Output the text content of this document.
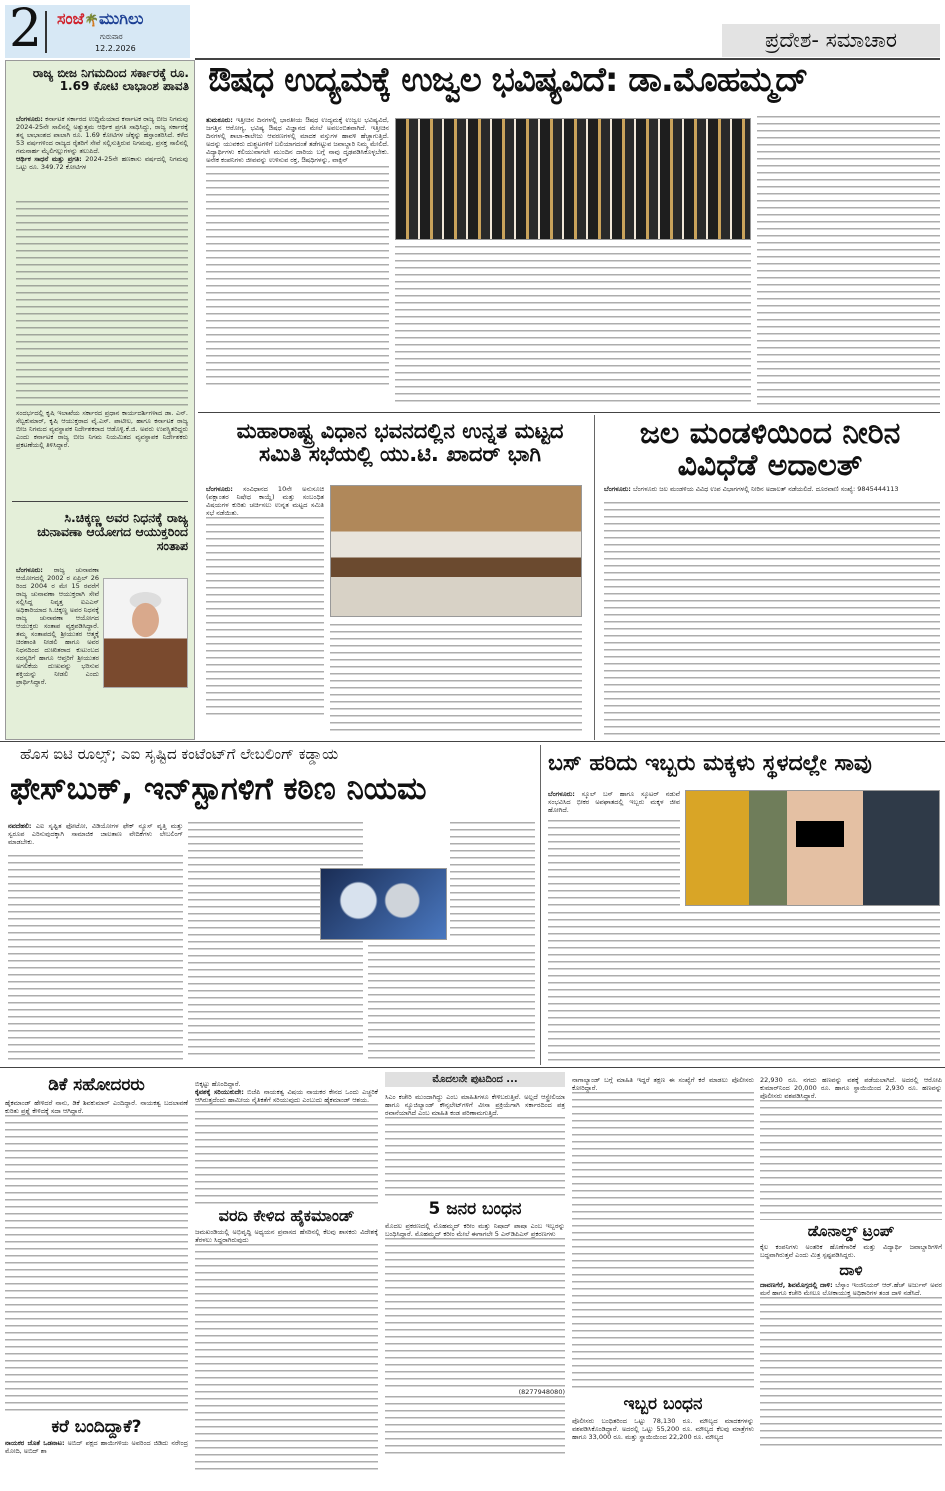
2 ಸಂಜೆ🌴ಮುಗಿಲು
ಗುರುವಾರ
12.2.2026	ಪ್ರದೇಶ- ಸಮಾಚಾರ
ರಾಜ್ಯ ಬೀಜ ನಿಗಮದಿಂದ ಸರ್ಕಾರಕ್ಕೆ ರೂ. 1.69 ಕೋಟಿ ಲಾಭಾಂಶ ಪಾವತಿ
ಬೆಂಗಳೂರು: ಕರ್ನಾಟಕ ಸರ್ಕಾರದ ಉದ್ದಿಮೆಯಾದ ಕರ್ನಾಟಕ ರಾಜ್ಯ ಬೀಜ ನಿಗಮವು 2024-25ನೇ ಸಾಲಿನಲ್ಲಿ ಅತ್ಯುತ್ತಮ ಆರ್ಥಿಕ ಪ್ರಗತಿ ಸಾಧಿಸಿದ್ದು, ರಾಜ್ಯ ಸರ್ಕಾರಕ್ಕೆ ತನ್ನ ಲಾಭಾಂಶದ ಪಾಲಾಗಿ ರೂ. 1.69 ಕೋಟಿಗಳ ಚೆಕ್ಕನ್ನು ಹಸ್ತಾಂತರಿಸಿದೆ. ಕಳೆದ 53 ವರ್ಷಗಳಿಂದ ರಾಜ್ಯದ ರೈತರಿಗೆ ಸೇವೆ ಸಲ್ಲಿಸುತ್ತಿರುವ ನಿಗಮವು, ಪ್ರಸಕ್ತ ಸಾಲಿನಲ್ಲಿ ಗಮನಾರ್ಹ ಮೈಲಿಗಲ್ಲುಗಳನ್ನು ತಲುಪಿದೆ.
ಆರ್ಥಿಕ ಸಾಧನೆ ಮತ್ತು ಪ್ರಗತಿ: 2024-25ನೇ ಹಣಕಾಸು ವರ್ಷದಲ್ಲಿ ನಿಗಮವು ಒಟ್ಟು ರೂ. 349.72 ಕೋಟಿಗಳ
ಸಂದರ್ಭದಲ್ಲಿ ಕೃಷಿ ಇಲಾಖೆಯ ಸರ್ಕಾರದ ಪ್ರಧಾನ ಕಾರ್ಯದರ್ಶಿಗಳಾದ ಡಾ. ಎನ್. ಸೆಲ್ವಕುಮಾರ್, ಕೃಷಿ ಆಯುಕ್ತರಾದ ವೈ.ಎಸ್. ಪಾಟೀಲ, ಹಾಗೂ ಕರ್ನಾಟಕ ರಾಜ್ಯ ಬೀಜ ನಿಗಮದ ವ್ಯವಸ್ಥಾಪಕ ನಿರ್ದೇಶಕರಾದ ಆಡೊಳ್ಳಿ.ಕೆ.ಜಿ. ಅವರು ಉಪಸ್ಥಿತರಿದ್ದರು ಎಂದು ಕರ್ನಾಟಕ ರಾಜ್ಯ ಬೀಜ ನಿಗಮ ನಿಯಮಿತದ ವ್ಯವಸ್ಥಾಪಕ ನಿರ್ದೇಶಕರು ಪ್ರಕಟಣೆಯಲ್ಲಿ ತಿಳಿಸಿದ್ದಾರೆ.
ಸಿ.ಚಿಕ್ಕಣ್ಣ ಅವರ ನಿಧನಕ್ಕೆ ರಾಜ್ಯ ಚುನಾವಣಾ ಆಯೋಗದ ಆಯುಕ್ತರಿಂದ ಸಂತಾಪ
ಬೆಂಗಳೂರು: ರಾಜ್ಯ ಚುನಾವಣಾ ಆಯೋಗದಲ್ಲಿ 2002 ರ ಏಪ್ರಿಲ್ 26 ರಿಂದ 2004 ರ ಮೇ 15 ರವರೆಗೆ ರಾಜ್ಯ ಚುನಾವಣಾ ಆಯುಕ್ತರಾಗಿ ಸೇವೆ ಸಲ್ಲಿಸಿದ್ದ ನಿವೃತ್ತ ಐಎಎಸ್ ಅಧಿಕಾರಿಯಾದ ಸಿ.ಚಿಕ್ಕಣ್ಣ ಅವರ ನಿಧನಕ್ಕೆ ರಾಜ್ಯ ಚುನಾವಣಾ ಆಯೋಗದ ಆಯುಕ್ತರು ಸಂತಾಪ ವ್ಯಕ್ತಪಡಿಸಿದ್ದಾರೆ. ತಮ್ಮ ಸಂತಾಪದಲ್ಲಿ ಶ್ರೀಯುತರ ಆತ್ಮಕ್ಕೆ ಚಿರಶಾಂತಿ ನೀಡಲಿ ಹಾಗೂ ಅವರ ನಿಧನದಿಂದ ದುಃಖಿತರಾದ ಕುಟುಂಬದ ಸದಸ್ಯರಿಗೆ ಹಾಗೂ ಆಪ್ತರಿಗೆ ಶ್ರೀಯುತರ ಅಗಲಿಕೆಯ ದುಃಖವನ್ನು ಭರಿಸುವ ಶಕ್ತಿಯನ್ನು ನೀಡಲಿ ಎಂದು ಪ್ರಾರ್ಥಿಸಿದ್ದಾರೆ.
ಔಷಧ ಉದ್ಯಮಕ್ಕೆ ಉಜ್ವಲ ಭವಿಷ್ಯವಿದೆ: ಡಾ.ಮೊಹಮ್ಮದ್
ತುಮಕೂರು: ಇತ್ತೀಚಿನ ದಿನಗಳಲ್ಲಿ ಭಾರತೀಯ ಔಷಧ ಉದ್ಯಮಕ್ಕೆ ಉಜ್ವಲ ಭವಿಷ್ಯವಿದೆ, ಜಗತ್ತಿನ ಆರೋಗ್ಯ, ಭವಿಷ್ಯ ಔಷಧ ವಿಜ್ಞಾನದ ಮೇಲೆ ಅವಲಂಬಿತವಾಗಿದೆ. ಇತ್ತೀಚಿನ ದಿನಗಳಲ್ಲಿ ಶಾಲಾ-ಕಾಲೇಜು ಆವರಣಗಳಲ್ಲಿ ಮಾದಕ ವಸ್ತುಗಳ ಹಾವಳಿ ಹೆಚ್ಚಾಗುತ್ತಿದೆ. ಅದನ್ನು ಯುವಕರು ದುಶ್ಚಟಗಳಿಗೆ ಬಲಿಯಾಗದಂತೆ ತಡೆಗಟ್ಟುವ ಜವಾಬ್ದಾರಿ ನಿಮ್ಮ ಮೇಲಿದೆ. ವಿದ್ಯಾರ್ಥಿಗಳು ಕಲಿಯುವಾಗಲೇ ಮುಂದಿನ ದಾರಿಯ ಬಗ್ಗೆ ನಾವು ದೃಢಪಡಿಸಿಕೊಳ್ಳಬೇಕು. ಅನೇಕ ಕಂಪನಿಗಳು ಜೀವವನ್ನು ಉಳಿಸುವ ರಕ್ತ, ಔಷಧಿಗಳನ್ನು, ವಾಕ್ಸಿನ್
ಮಹಾರಾಷ್ಟ್ರ ವಿಧಾನ ಭವನದಲ್ಲಿನ ಉನ್ನತ ಮಟ್ಟದ
ಸಮಿತಿ ಸಭೆಯಲ್ಲಿ ಯು.ಟಿ. ಖಾದರ್ ಭಾಗಿ
ಬೆಂಗಳೂರು: ಸಂವಿಧಾನದ 10ನೇ ಅನುಸೂಚಿ (ಪಕ್ಷಾಂತರ ನಿಷೇಧ ಕಾಯ್ದೆ) ಮತ್ತು ಸಂಬಂಧಿತ ವಿಷಯಗಳ ಕುರಿತು ಚರ್ಚಿಸಲು ಉನ್ನತ ಮಟ್ಟದ ಸಮಿತಿ ಸಭೆ ನಡೆಯಿತು.
ಜಲ ಮಂಡಳಿಯಿಂದ ನೀರಿನ
ವಿವಿಧೆಡೆ ಅದಾಲತ್
ಬೆಂಗಳೂರು: ಬೆಂಗಳೂರು ಜಲ ಮಂಡಳಿಯ ವಿವಿಧ ಉಪ ವಿಭಾಗಗಳಲ್ಲಿ ನೀರಿನ ಅದಾಲತ್ ನಡೆಯಲಿದೆ. ದೂರವಾಣಿ ಸಂಖ್ಯೆ: 9845444113
ಹೊಸ ಐಟಿ ರೂಲ್ಸ್; ಎಐ ಸೃಷ್ಟಿದ ಕಂಟೆಂಟ್‌ಗೆ ಲೇಬಲಿಂಗ್ ಕಡ್ಡಾಯ
ಫೇಸ್‌ಬುಕ್, ಇನ್‌ಸ್ಟಾಗಳಿಗೆ ಕಠಿಣ ನಿಯಮ
ನವದೆಹಲಿ: ಎಐ ಸೃಷ್ಟಿತ ಫೋಟೋ, ವಿಡಿಯೋಗಳ ಫೇಕ್ ನ್ಯೂಸ್ ವೃತ್ತಿ ಮತ್ತು ಸ್ವರೂಪ ಎರಿಸುವುದಕ್ಕಾಗಿ ಸಾಮಾಜಿಕ ಜಾಲತಾಣ ವೇದಿಕೆಗಳು ಲೇಬಲಿಂಗ್ ಮಾಡಬೇಕು.
ಬಸ್ ಹರಿದು ಇಬ್ಬರು ಮಕ್ಕಳು ಸ್ಥಳದಲ್ಲೇ ಸಾವು
ಬೆಂಗಳೂರು: ಸ್ಕೂಲ್ ಬಸ್ ಹಾಗೂ ಸ್ಕೂಟರ್ ನಡುವೆ ಸಂಭವಿಸಿದ ಭೀಕರ ಅಪಘಾತದಲ್ಲಿ ಇಬ್ಬರು ಮಕ್ಕಳ ಜೀವ ಹೋಗಿದೆ.
ಡಿಕೆ ಸಹೋದರರು
ಹೈಕಮಾಂಡ್ ಹೇಳಿದರೆ ನಾನು, ಡಿಕೆ ಶಿವಕುಮಾರ್ ಎಂದಿದ್ದಾರೆ. ನಾಯಕತ್ವ ಬದಲಾವಣೆ ಕುರಿತು ಪ್ರಶ್ನೆ ಕೇಳಿದಕ್ಕೆ ಸದಾ ಆಗಿದ್ದಾರೆ.
ಕರೆ ಬಂದಿದ್ದಾಕೆ?
ನಾಯಕರ ಜೊತೆ ಒಡನಾಟ: ಅಬಿದ್ ಪಕ್ಷದ ಹಾಯಿಗಳಿಯ ಅವರಿಂದ ಜಿಡಿದು ನರೇಂದ್ರ ಮೋದಿ, ಅಬಿದ್ ಶಾ
ಬಿಕ್ಕಟ್ಟು ಹೊಂದಿದ್ದಾರೆ.
ಕೈವಶಕ್ಕೆ ಸರಿಯುಕುದೇ: ಬಿಜೆಪಿ ನಾಯಕತ್ವ ವಿಷಯ ನಾಯಕರ ಕೇನದ ಒಂದು ಎಚ್ಚರಿಕೆ ಆಗಿರುತ್ತದೆಂದು ಹಾಮೀಯ ನೈತಿಕತೆಗೆ ಸರಿಯುವುದು ಎಂಬುದು ಹೈಕಮಾಂಡ್ ಆಶಯ.
ವರದಿ ಕೇಳಿದ ಹೈಕಮಾಂಡ್
ಜಮಖಂಡಿಯಲ್ಲಿ ಅಭಿವೃದ್ಧಿ ಅಧ್ಯಯನ ಪ್ರವಾಸದ ಹೆಸರಿನಲ್ಲಿ ಕೆಲವು ಶಾಸಕರು ವಿದೇಶಕ್ಕೆ ತೆರಳಲು ಸಿದ್ಧರಾಗಿರುವುದು
ಮೊದಲನೇ ಪುಟದಿಂದ ...
ಸಿಎಂ ಕಚೇರಿ ಮುಂದಾಗಿದ್ದು ಎಂಬ ಮಾಹಿತಿಗಳೂ ಕೇಳಿಬರುತ್ತಿವೆ. ಅಲ್ಲದೆ ಆಸ್ಟ್ರೇಲಿಯಾ ಹಾಗೂ ನ್ಯೂಜಿಲ್ಯಾಂಡ್ ಕೌನ್ಸಲೇಟ್‌ಗಳಿಗೆ ವೀಸಾ ಪ್ರಕ್ರಿಯೆಗಾಗಿ ಸರ್ಕಾರದಿಂದ ಪತ್ರ ರವಾನೆಯಾಗಿದೆ ಎಂಬ ಮಾಹಿತಿ ಕಂಡ ಪರಿಣಾಮಗುತ್ತಿದೆ.
5 ಜನರ ಬಂಧನ
ಮೊದಲ ಪ್ರಕರಣದಲ್ಲಿ ಮೊಹಮ್ಮದ್ ಕರೀಂ ಮತ್ತು ನಿಷಾದ್ ಪಾಷಾ ಎಂಬ ಇಬ್ಬರನ್ನು ಬಂಧಿಸಿದ್ದಾರೆ. ಮೊಹಮ್ಮದ್ ಕರೀಂ ಮೇಲೆ ಈಗಾಗಲೇ 5 ಎನ್‌ಡಿಪಿಎಸ್ ಪ್ರಕರಣಗಳು
(8277948080)
ನಾಗಾಲ್ಯಾಂಡ್ ಬಗ್ಗೆ ಮಾಹಿತಿ ಇದ್ದರೆ ತಕ್ಷಣ ಈ ಸಂಖ್ಯೆಗೆ ಕರೆ ಮಾಡಲು ಪೊಲೀಸರು ಕೋರಿದ್ದಾರೆ.
ಇಬ್ಬರ ಬಂಧನ
ಪೊಲೀಸರು ಬಂಧಿತರಿಂದ ಒಟ್ಟು 78,130 ರೂ. ಮೌಲ್ಯದ ಮಾದಕಗಳನ್ನು ವಶಪಡಿಸಿಕೊಂಡಿದ್ದಾರೆ. ಅದರಲ್ಲಿ ಒಟ್ಟು 55,200 ರೂ. ಮೌಲ್ಯದ ಕೆಲವು ಮಾತ್ರೆಗಳು ಹಾಗೂ 33,000 ರೂ. ಮತ್ತು ಸ್ಥಾಯಿಯಿಂದ 22,200 ರೂ. ಮೌಲ್ಯದ
22,930 ರೂ. ನಗದು ಹಣವನ್ನು ವಶಕ್ಕೆ ಪಡೆಯಲಾಗಿದೆ. ಅದರಲ್ಲಿ ಆರೋಪಿ ಕುಮಾರ್‌ನಿಂದ 20,000 ರೂ. ಹಾಗೂ ಸ್ಥಾಯಿಯಿಂದ 2,930 ರೂ. ಹಣವನ್ನು ಪೊಲೀಸರು ವಶಪಡಿಸಿದ್ದಾರೆ.
ಡೊನಾಲ್ಡ್ ಟ್ರಂಪ್
ಕೈಲ ಕಂಪನಿಗಳು ಅಂತರಿಕ ಹೊಣೆಗಾರಿಕೆ ಮತ್ತು ವಿದ್ಯಾರ್ಥಿ ಜವಾಬ್ದಾರಿಗಳಿಗೆ ಬದ್ಧವಾಗಿರುತ್ತವೆ ಎಂದು ಮಿತ್ರ ಸ್ಪಷ್ಟಪಡಿಸಿದ್ದರು.
ದಾಳಿ
ದಾವಣಗೆರೆ, ಶಿವಮೊಗ್ಗದಲ್ಲಿ ದಾಳಿ: ಬೆಸ್ಕಾಂ ಇಂಜಿನಿಯರ್ ಆರ್.ಹೆಚ್ ಅರ್ಜುನ್ ಅವರ ಮನೆ ಹಾಗೂ ಕಚೇರಿ ಮೇಲೂ ಲೋಕಾಯುಕ್ತ ಅಧಿಕಾರಿಗಳ ತಂಡ ದಾಳಿ ನಡೆಸಿದೆ.
